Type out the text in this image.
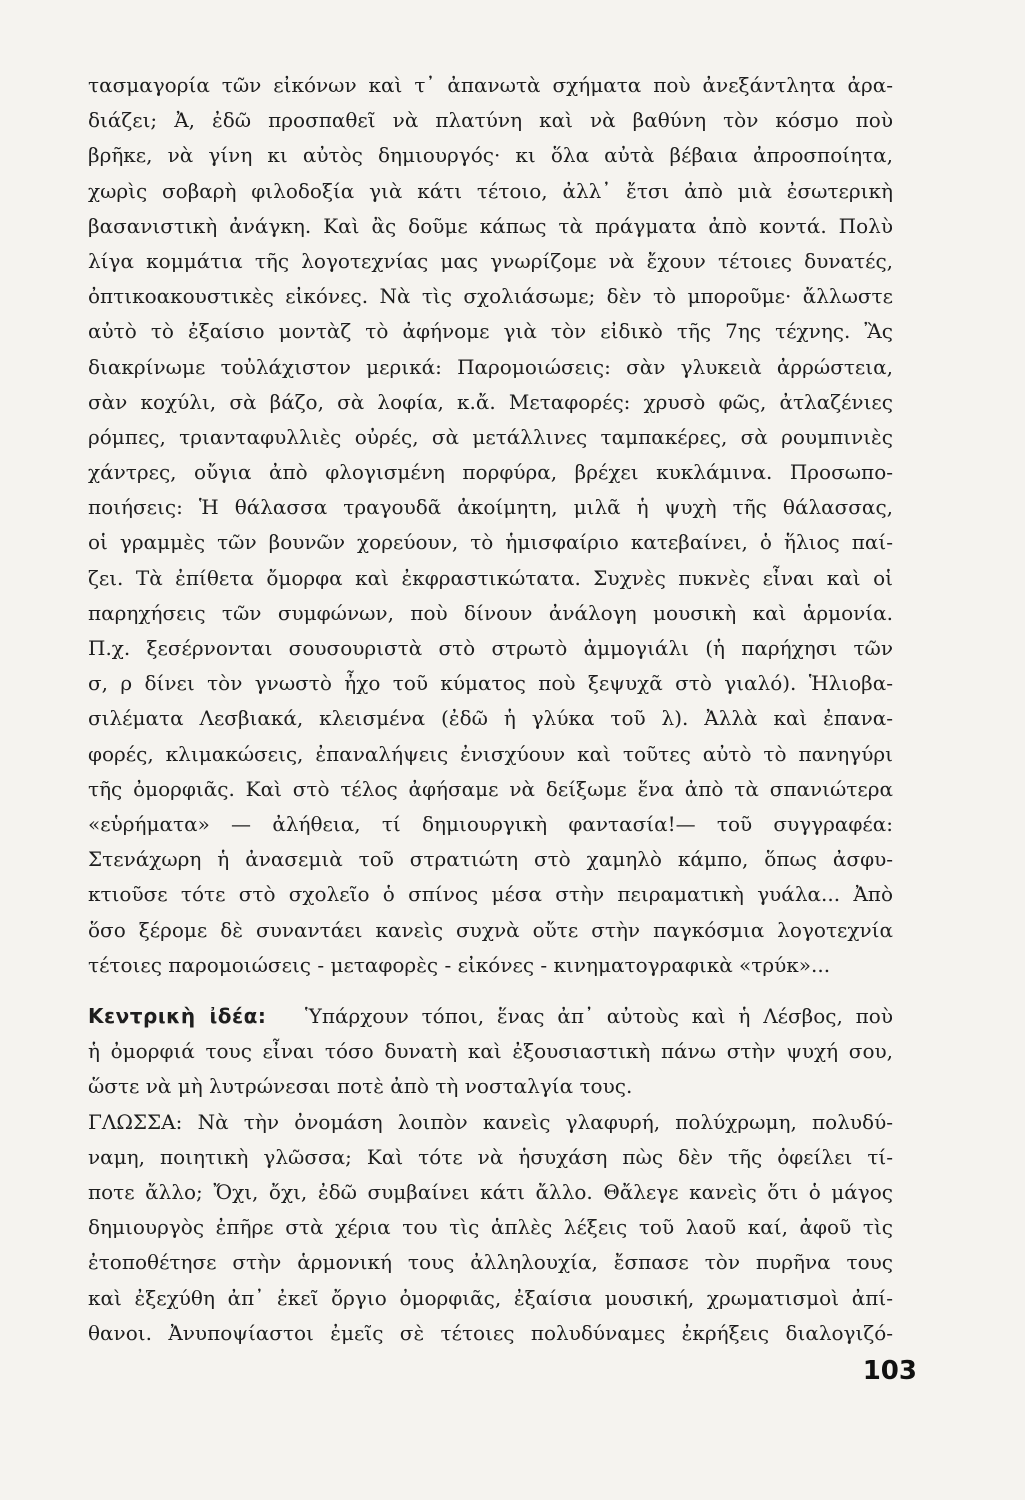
τασμαγορία τῶν εἰκόνων καὶ τ᾿ ἀπανωτὰ σχήματα ποὺ ἀνεξάντλητα ἀρα-
διάζει; Ἀ, ἐδῶ προσπαθεῖ νὰ πλατύνη καὶ νὰ βαθύνη τὸν κόσμο ποὺ
βρῆκε, νὰ γίνη κι αὐτὸς δημιουργός· κι ὅλα αὐτὰ βέβαια ἀπροσποίητα,
χωρὶς σοβαρὴ φιλοδοξία γιὰ κάτι τέτοιο, ἀλλ᾿ ἔτσι ἀπὸ μιὰ ἐσωτερικὴ
βασανιστικὴ ἀνάγκη. Καὶ ἂς δοῦμε κάπως τὰ πράγματα ἀπὸ κοντά. Πολὺ
λίγα κομμάτια τῆς λογοτεχνίας μας γνωρίζομε νὰ ἔχουν τέτοιες δυνατές,
ὀπτικοακουστικὲς εἰκόνες. Νὰ τὶς σχολιάσωμε; δὲν τὸ μποροῦμε· ἄλλωστε
αὐτὸ τὸ ἐξαίσιο μοντὰζ τὸ ἀφήνομε γιὰ τὸν εἰδικὸ τῆς 7ης τέχνης. Ἂς
διακρίνωμε τοὐλάχιστον μερικά: Παρομοιώσεις: σὰν γλυκειὰ ἀρρώστεια,
σὰν κοχύλι, σὰ βάζο, σὰ λοφία, κ.ἄ. Μεταφορές: χρυσὸ φῶς, ἀτλαζένιες
ρόμπες, τριανταφυλλιὲς οὐρές, σὰ μετάλλινες ταμπακέρες, σὰ ρουμπινιὲς
χάντρες, οὔγια ἀπὸ φλογισμένη πορφύρα, βρέχει κυκλάμινα. Προσωπο-
ποιήσεις: Ἡ θάλασσα τραγουδᾶ ἀκοίμητη, μιλᾶ ἡ ψυχὴ τῆς θάλασσας,
οἱ γραμμὲς τῶν βουνῶν χορεύουν, τὸ ἡμισφαίριο κατεβαίνει, ὁ ἥλιος παί-
ζει. Τὰ ἐπίθετα ὄμορφα καὶ ἐκφραστικώτατα. Συχνὲς πυκνὲς εἶναι καὶ οἱ
παρηχήσεις τῶν συμφώνων, ποὺ δίνουν ἀνάλογη μουσικὴ καὶ ἁρμονία.
Π.χ. ξεσέρνονται σουσουριστὰ στὸ στρωτὸ ἀμμογιάλι (ἡ παρήχησι τῶν
σ, ρ δίνει τὸν γνωστὸ ἦχο τοῦ κύματος ποὺ ξεψυχᾶ στὸ γιαλό). Ἡλιοβα-
σιλέματα Λεσβιακά, κλεισμένα (ἐδῶ ἡ γλύκα τοῦ λ). Ἀλλὰ καὶ ἐπανα-
φορές, κλιμακώσεις, ἐπαναλήψεις ἐνισχύουν καὶ τοῦτες αὐτὸ τὸ πανηγύρι
τῆς ὀμορφιᾶς. Καὶ στὸ τέλος ἀφήσαμε νὰ δείξωμε ἕνα ἀπὸ τὰ σπανιώτερα
«εὑρήματα» — ἀλήθεια, τί δημιουργικὴ φαντασία!— τοῦ συγγραφέα:
Στενάχωρη ἡ ἀνασεμιὰ τοῦ στρατιώτη στὸ χαμηλὸ κάμπο, ὅπως ἀσφυ-
κτιοῦσε τότε στὸ σχολεῖο ὁ σπίνος μέσα στὴν πειραματικὴ γυάλα... Ἀπὸ
ὅσο ξέρομε δὲ συναντάει κανεὶς συχνὰ οὔτε στὴν παγκόσμια λογοτεχνία
τέτοιες παρομοιώσεις - μεταφορὲς - εἰκόνες - κινηματογραφικὰ «τρύκ»...
Κεντρικὴ ἰδέα: Ὑπάρχουν τόποι, ἕνας ἀπ᾿ αὐτοὺς καὶ ἡ Λέσβος, ποὺ
ἡ ὀμορφιά τους εἶναι τόσο δυνατὴ καὶ ἐξουσιαστικὴ πάνω στὴν ψυχή σου,
ὥστε νὰ μὴ λυτρώνεσαι ποτὲ ἀπὸ τὴ νοσταλγία τους.
ΓΛΩΣΣΑ: Νὰ τὴν ὀνομάση λοιπὸν κανεὶς γλαφυρή, πολύχρωμη, πολυδύ-
ναμη, ποιητικὴ γλῶσσα; Καὶ τότε νὰ ἡσυχάση πὼς δὲν τῆς ὀφείλει τί-
ποτε ἄλλο; Ὄχι, ὄχι, ἐδῶ συμβαίνει κάτι ἄλλο. Θἄλεγε κανεὶς ὅτι ὁ μάγος
δημιουργὸς ἐπῆρε στὰ χέρια του τὶς ἁπλὲς λέξεις τοῦ λαοῦ καί, ἀφοῦ τὶς
ἐτοποθέτησε στὴν ἁρμονική τους ἀλληλουχία, ἔσπασε τὸν πυρῆνα τους
καὶ ἐξεχύθη ἀπ᾿ ἐκεῖ ὄργιο ὀμορφιᾶς, ἐξαίσια μουσική, χρωματισμοὶ ἀπί-
θανοι. Ἀνυποψίαστοι ἐμεῖς σὲ τέτοιες πολυδύναμες ἐκρήξεις διαλογιζό-
103
